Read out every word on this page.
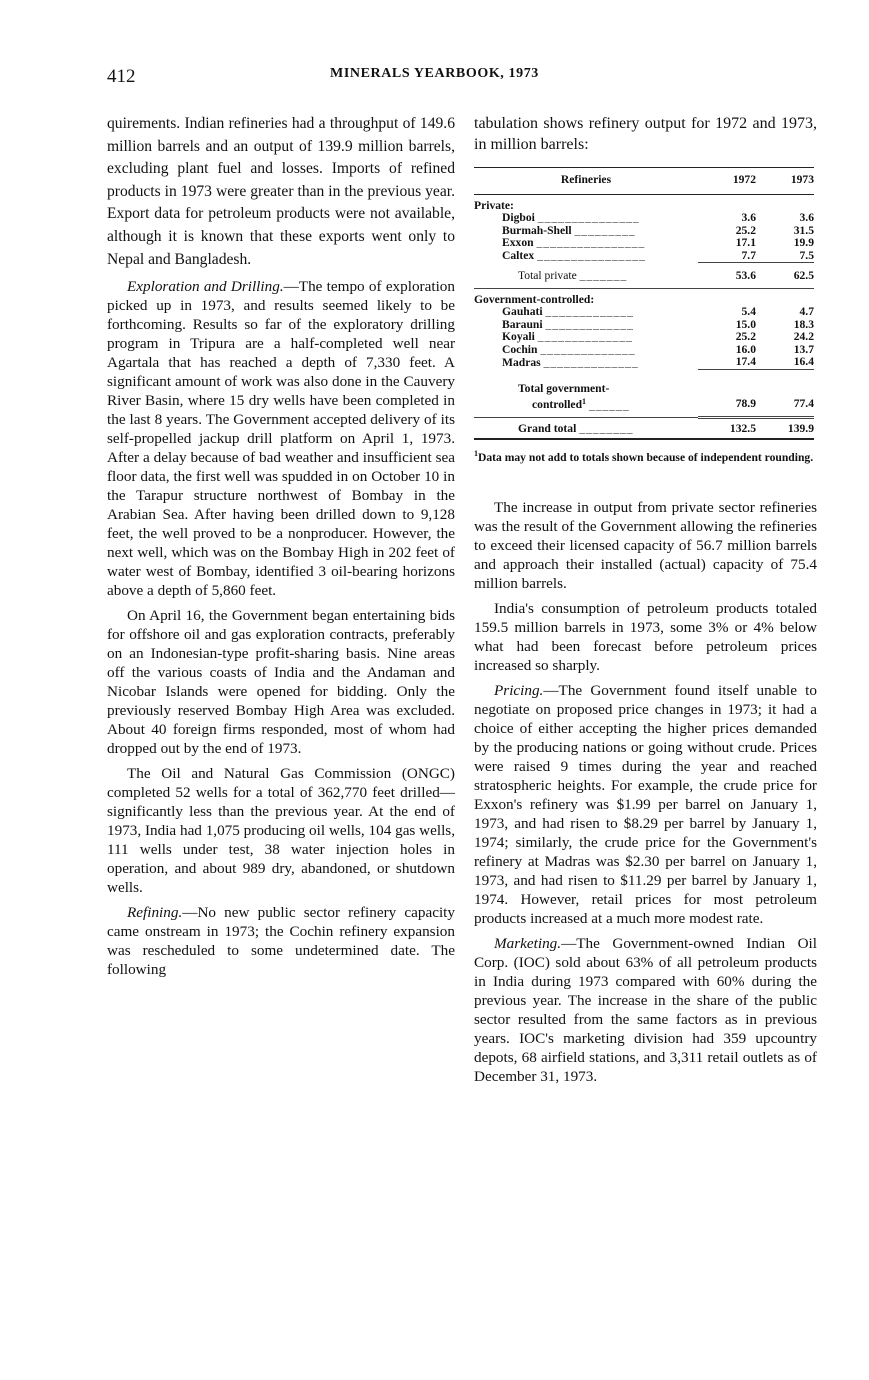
412	MINERALS YEARBOOK, 1973

quirements. Indian refineries had a throughput of 149.6 million barrels and an output of 139.9 million barrels, excluding plant fuel and losses. Imports of refined products in 1973 were greater than in the previous year. Export data for petroleum products were not available, although it is known that these exports went only to Nepal and Bangladesh.

Exploration and Drilling.—The tempo of exploration picked up in 1973, and results seemed likely to be forthcoming. Results so far of the exploratory drilling program in Tripura are a half-completed well near Agartala that has reached a depth of 7,330 feet. A significant amount of work was also done in the Cauvery River Basin, where 15 dry wells have been completed in the last 8 years. The Government accepted delivery of its self-propelled jackup drill platform on April 1, 1973. After a delay because of bad weather and insufficient sea floor data, the first well was spudded in on October 10 in the Tarapur structure northwest of Bombay in the Arabian Sea. After having been drilled down to 9,128 feet, the well proved to be a nonproducer. However, the next well, which was on the Bombay High in 202 feet of water west of Bombay, identified 3 oil-bearing horizons above a depth of 5,860 feet.

On April 16, the Government began entertaining bids for offshore oil and gas exploration contracts, preferably on an Indonesian-type profit-sharing basis. Nine areas off the various coasts of India and the Andaman and Nicobar Islands were opened for bidding. Only the previously reserved Bombay High Area was excluded. About 40 foreign firms responded, most of whom had dropped out by the end of 1973.

The Oil and Natural Gas Commission (ONGC) completed 52 wells for a total of 362,770 feet drilled—significantly less than the previous year. At the end of 1973, India had 1,075 producing oil wells, 104 gas wells, 111 wells under test, 38 water injection holes in operation, and about 989 dry, abandoned, or shutdown wells.

Refining.—No new public sector refinery capacity came onstream in 1973; the Cochin refinery expansion was rescheduled to some undetermined date. The following

tabulation shows refinery output for 1972 and 1973, in million barrels:

Refineries	1972	1973
Private:		
Digboi _______________	3.6	3.6
Burmah-Shell _________	25.2	31.5
Exxon ________________	17.1	19.9
Caltex ________________	7.7	7.5
Total private _______	53.6	62.5
Government-controlled:		
Gauhati _____________	5.4	4.7
Barauni _____________	15.0	18.3
Koyali ______________	25.2	24.2
Cochin ______________	16.0	13.7
Madras ______________	17.4	16.4
Total government-
controlled$^1$ ______	78.9	77.4
Grand total ________	132.5	139.9
$^1$Data may not add to totals shown because of independent rounding.

The increase in output from private sector refineries was the result of the Government allowing the refineries to exceed their licensed capacity of 56.7 million barrels and approach their installed (actual) capacity of 75.4 million barrels.

India's consumption of petroleum products totaled 159.5 million barrels in 1973, some 3% or 4% below what had been forecast before petroleum prices increased so sharply.

Pricing.—The Government found itself unable to negotiate on proposed price changes in 1973; it had a choice of either accepting the higher prices demanded by the producing nations or going without crude. Prices were raised 9 times during the year and reached stratospheric heights. For example, the crude price for Exxon's refinery was $1.99 per barrel on January 1, 1973, and had risen to $8.29 per barrel by January 1, 1974; similarly, the crude price for the Government's refinery at Madras was $2.30 per barrel on January 1, 1973, and had risen to $11.29 per barrel by January 1, 1974. However, retail prices for most petroleum products increased at a much more modest rate.

Marketing.—The Government-owned Indian Oil Corp. (IOC) sold about 63% of all petroleum products in India during 1973 compared with 60% during the previous year. The increase in the share of the public sector resulted from the same factors as in previous years. IOC's marketing division had 359 upcountry depots, 68 airfield stations, and 3,311 retail outlets as of December 31, 1973.
